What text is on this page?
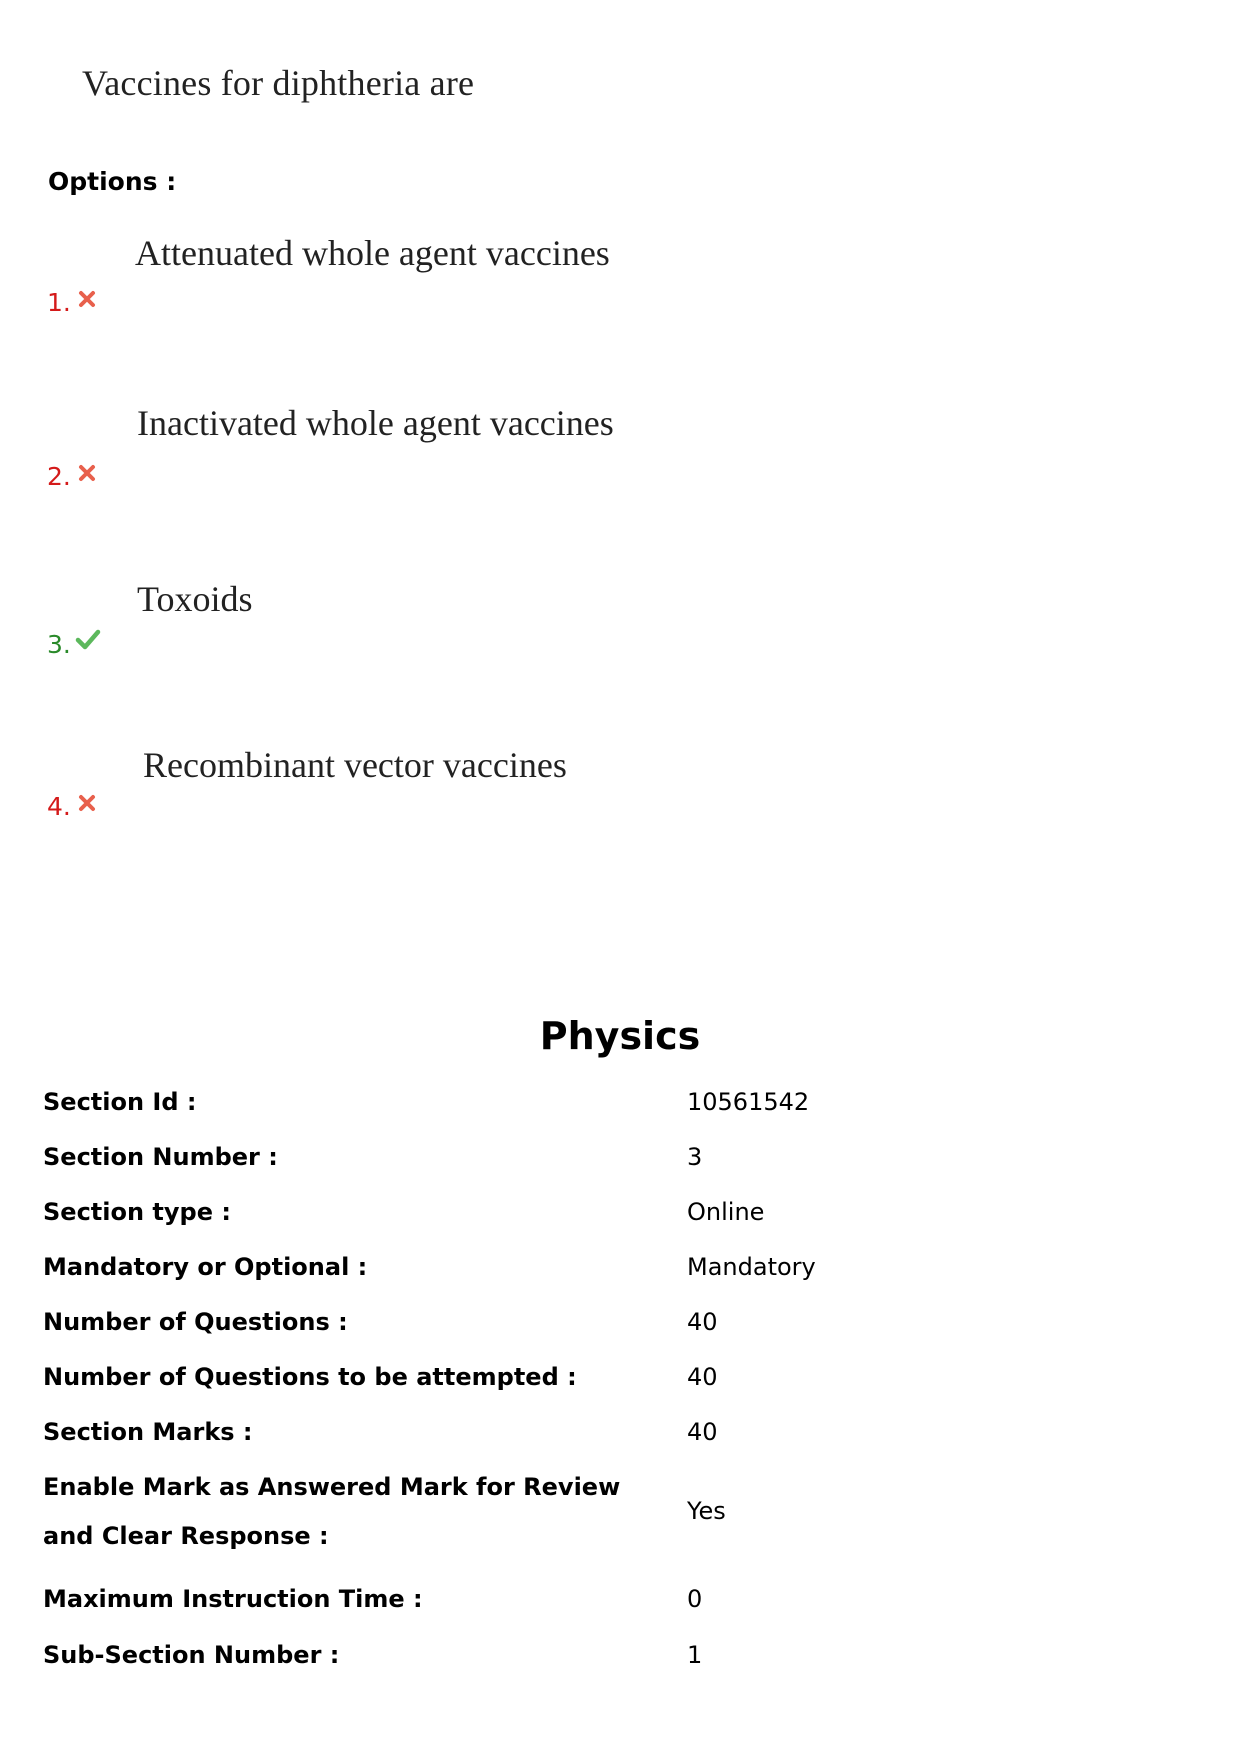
Vaccines for diphtheria are
Options :
Attenuated whole agent vaccines
1.
Inactivated whole agent vaccines
2.
Toxoids
3.
Recombinant vector vaccines
4.
Physics
Section Id :	10561542
Section Number :	3
Section type :	Online
Mandatory or Optional :	Mandatory
Number of Questions :	40
Number of Questions to be attempted :	40
Section Marks :	40
Enable Mark as Answered Mark for Review and Clear Response :
Yes
Maximum Instruction Time :	0
Sub-Section Number :	1
